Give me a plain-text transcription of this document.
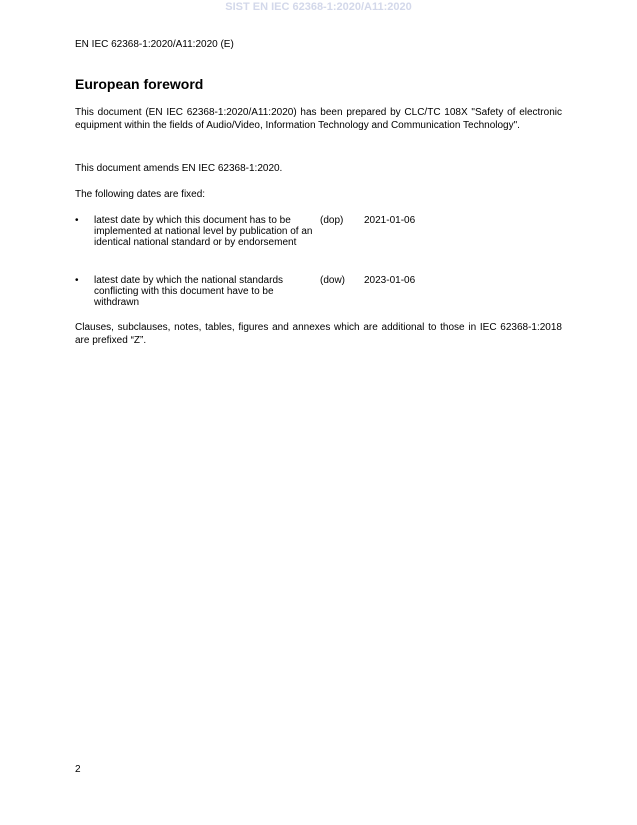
SIST EN IEC 62368-1:2020/A11:2020
EN IEC 62368-1:2020/A11:2020 (E)
European foreword
This document (EN IEC 62368-1:2020/A11:2020) has been prepared by CLC/TC 108X "Safety of electronic equipment within the fields of Audio/Video, Information Technology and Communication Technology".
This document amends EN IEC 62368-1:2020.
The following dates are fixed:
• latest date by which this document has to be implemented at national level by publication of an identical national standard or by endorsement
(dop) 2021-01-06
• latest date by which the national standards conflicting with this document have to be withdrawn
(dow) 2023-01-06
Clauses, subclauses, notes, tables, figures and annexes which are additional to those in IEC 62368-1:2018 are prefixed “Z”.
2
